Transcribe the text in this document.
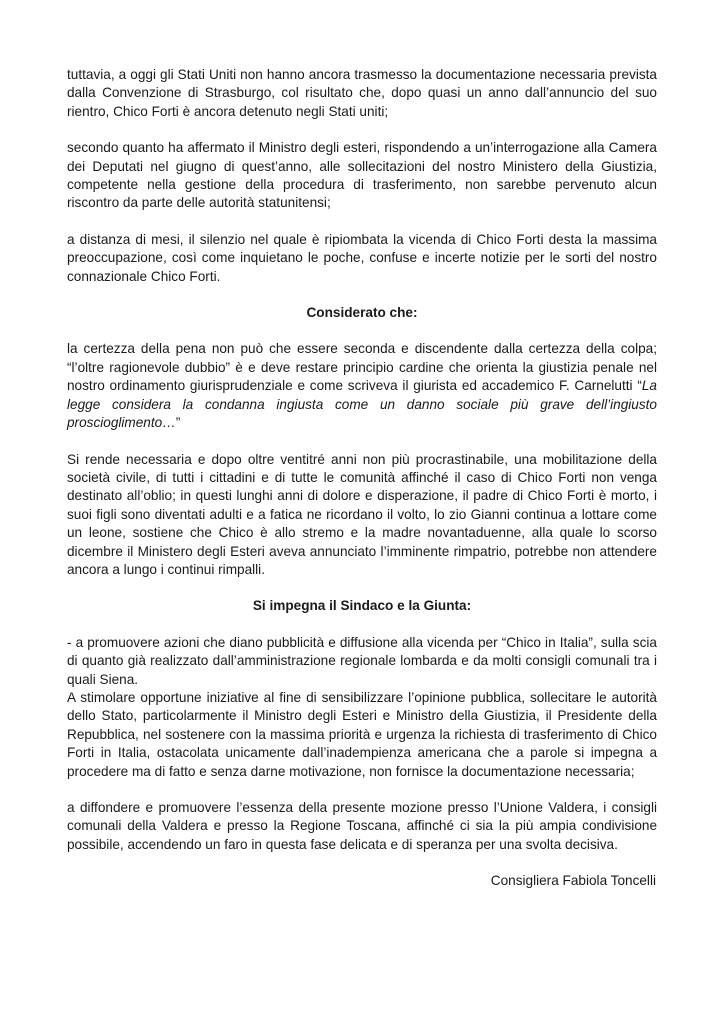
tuttavia, a oggi gli Stati Uniti non hanno ancora trasmesso la documentazione necessaria prevista dalla Convenzione di Strasburgo, col risultato che, dopo quasi un anno dall’annuncio del suo rientro, Chico Forti è ancora detenuto negli Stati uniti;

secondo quanto ha affermato il Ministro degli esteri, rispondendo a un’interrogazione alla Camera dei Deputati nel giugno di quest’anno, alle sollecitazioni del nostro Ministero della Giustizia, competente nella gestione della procedura di trasferimento, non sarebbe pervenuto alcun riscontro da parte delle autorità statunitensi;

a distanza di mesi, il silenzio nel quale è ripiombata la vicenda di Chico Forti desta la massima preoccupazione, così come inquietano le poche, confuse e incerte notizie per le sorti del nostro connazionale Chico Forti.

Considerato che:

la certezza della pena non può che essere seconda e discendente dalla certezza della colpa; “l’oltre ragionevole dubbio” è e deve restare principio cardine che orienta la giustizia penale nel nostro ordinamento giurisprudenziale e come scriveva il giurista ed accademico F. Carnelutti “La legge considera la condanna ingiusta come un danno sociale più grave dell’ingiusto proscioglimento…”

Si rende necessaria e dopo oltre ventitré anni non più procrastinabile, una mobilitazione della società civile, di tutti i cittadini e di tutte le comunità affinché il caso di Chico Forti non venga destinato all’oblio; in questi lunghi anni di dolore e disperazione, il padre di Chico Forti è morto, i suoi figli sono diventati adulti e a fatica ne ricordano il volto, lo zio Gianni continua a lottare come un leone, sostiene che Chico è allo stremo e la madre novantaduenne, alla quale lo scorso dicembre il Ministero degli Esteri aveva annunciato l’imminente rimpatrio, potrebbe non attendere ancora a lungo i continui rimpalli.

Si impegna il Sindaco e la Giunta:

- a promuovere azioni che diano pubblicità e diffusione alla vicenda per “Chico in Italia”, sulla scia di quanto già realizzato dall’amministrazione regionale lombarda e da molti consigli comunali tra i quali Siena.

A stimolare opportune iniziative al fine di sensibilizzare l’opinione pubblica, sollecitare le autorità dello Stato, particolarmente il Ministro degli Esteri e Ministro della Giustizia, il Presidente della Repubblica, nel sostenere con la massima priorità e urgenza la richiesta di trasferimento di Chico Forti in Italia, ostacolata unicamente dall’inadempienza americana che a parole si impegna a procedere ma di fatto e senza darne motivazione, non fornisce la documentazione necessaria;

a diffondere e promuovere l’essenza della presente mozione presso l’Unione Valdera, i consigli comunali della Valdera e presso la Regione Toscana, affinché ci sia la più ampia condivisione possibile, accendendo un faro in questa fase delicata e di speranza per una svolta decisiva.

Consigliera Fabiola Toncelli
